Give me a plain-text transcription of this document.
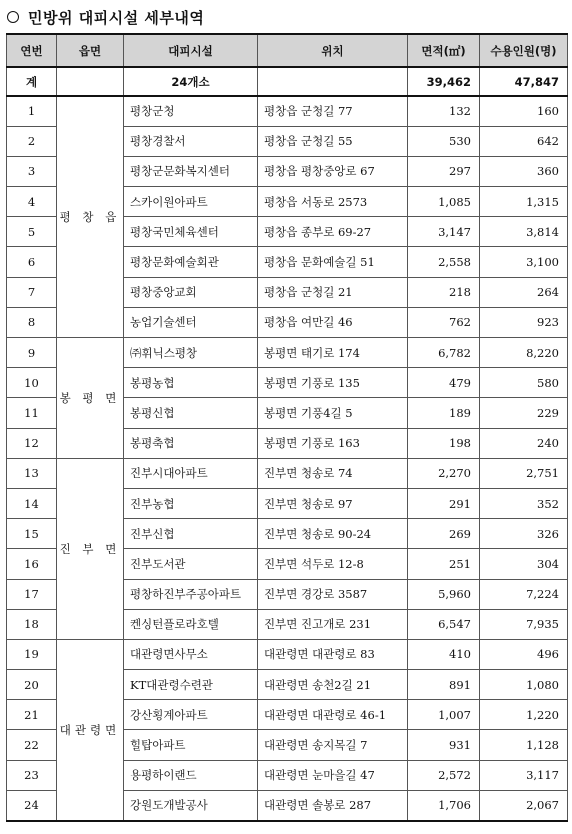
민방위 대피시설 세부내역
연번	읍면	대피시설	위치	면적(㎡)	수용인원(명)
계		24개소		39,462	47,847
1	평 창 읍	평창군청	평창읍 군청길 77	132	160
2		평창경찰서	평창읍 군청길 55	530	642
3		평창군문화복지센터	평창읍 평창중앙로 67	297	360
4		스카이원아파트	평창읍 서동로 2573	1,085	1,315
5		평창국민체육센터	평창읍 종부로 69-27	3,147	3,814
6		평창문화예술회관	평창읍 문화예술길 51	2,558	3,100
7		평창중앙교회	평창읍 군청길 21	218	264
8		농업기술센터	평창읍 여만길 46	762	923
9	봉 평 면	㈜휘닉스평창	봉평면 태기로 174	6,782	8,220
10		봉평농협	봉평면 기풍로 135	479	580
11		봉평신협	봉평면 기풍4길 5	189	229
12		봉평축협	봉평면 기풍로 163	198	240
13	진 부 면	진부시대아파트	진부면 청송로 74	2,270	2,751
14		진부농협	진부면 청송로 97	291	352
15		진부신협	진부면 청송로 90-24	269	326
16		진부도서관	진부면 석두로 12-8	251	304
17		평창하진부주공아파트	진부면 경강로 3587	5,960	7,224
18		켄싱턴플로라호텔	진부면 진고개로 231	6,547	7,935
19	대관령면	대관령면사무소	대관령면 대관령로 83	410	496
20		KT대관령수련관	대관령면 송천2길 21	891	1,080
21		강산횡계아파트	대관령면 대관령로 46-1	1,007	1,220
22		힐탑아파트	대관령면 송지목길 7	931	1,128
23		용평하이랜드	대관령면 눈마을길 47	2,572	3,117
24		강원도개발공사	대관령면 솔봉로 287	1,706	2,067
